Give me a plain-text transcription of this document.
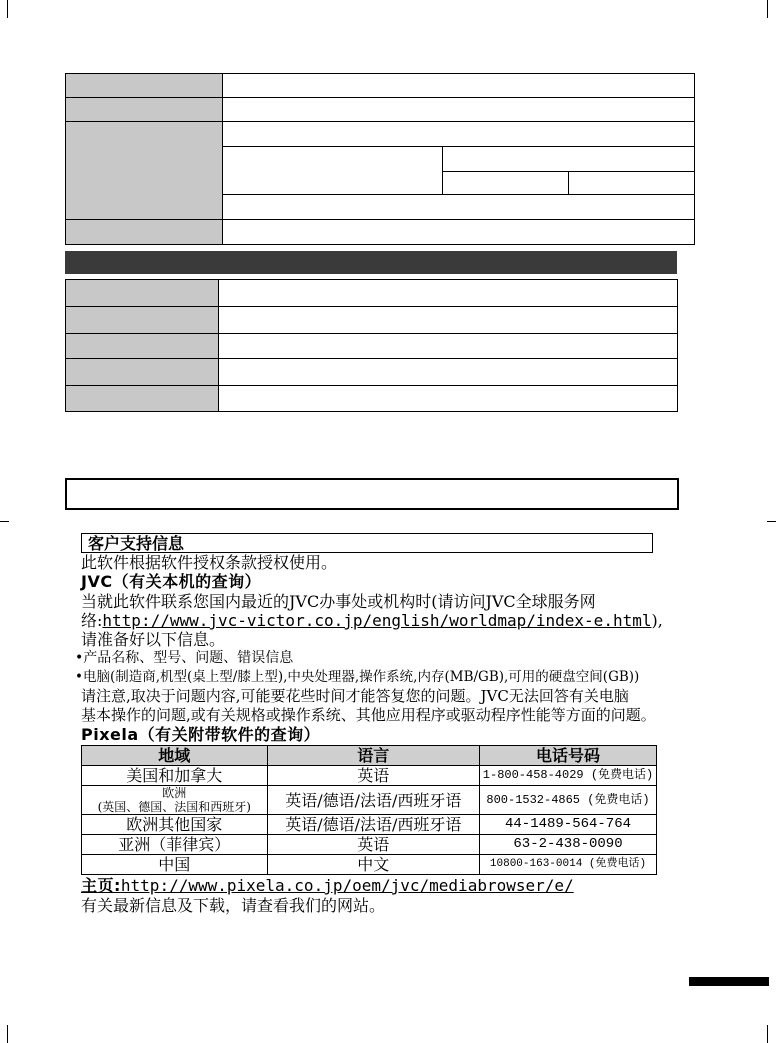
客户支持信息
此软件根据软件授权条款授权使用。
JVC（有关本机的查询）
当就此软件联系您国内最近的JVC办事处或机构时(请访问JVC全球服务网
络:http://www.jvc-victor.co.jp/english/worldmap/index-e.html),
请准备好以下信息。
•产品名称、型号、问题、错误信息
•电脑(制造商,机型(桌上型/膝上型),中央处理器,操作系统,内存(MB/GB),可用的硬盘空间(GB))
请注意,取决于问题内容,可能要花些时间才能答复您的问题。JVC无法回答有关电脑
基本操作的问题,或有关规格或操作系统、其他应用程序或驱动程序性能等方面的问题。
Pixela（有关附带软件的查询）
地域	语言	电话号码
美国和加拿大	英语	1-800-458-4029 (免费电话)

欧洲
(英国、德国、法国和西班牙)	英语/德语/法语/西班牙语	800-1532-4865 (免费电话)
欧洲其他国家	英语/德语/法语/西班牙语	44-1489-564-764
亚洲（菲律宾）	英语	63-2-438-0090
中国	中文	10800-163-0014 (免费电话)
主页:http://www.pixela.co.jp/oem/jvc/mediabrowser/e/
有关最新信息及下载，请查看我们的网站。
